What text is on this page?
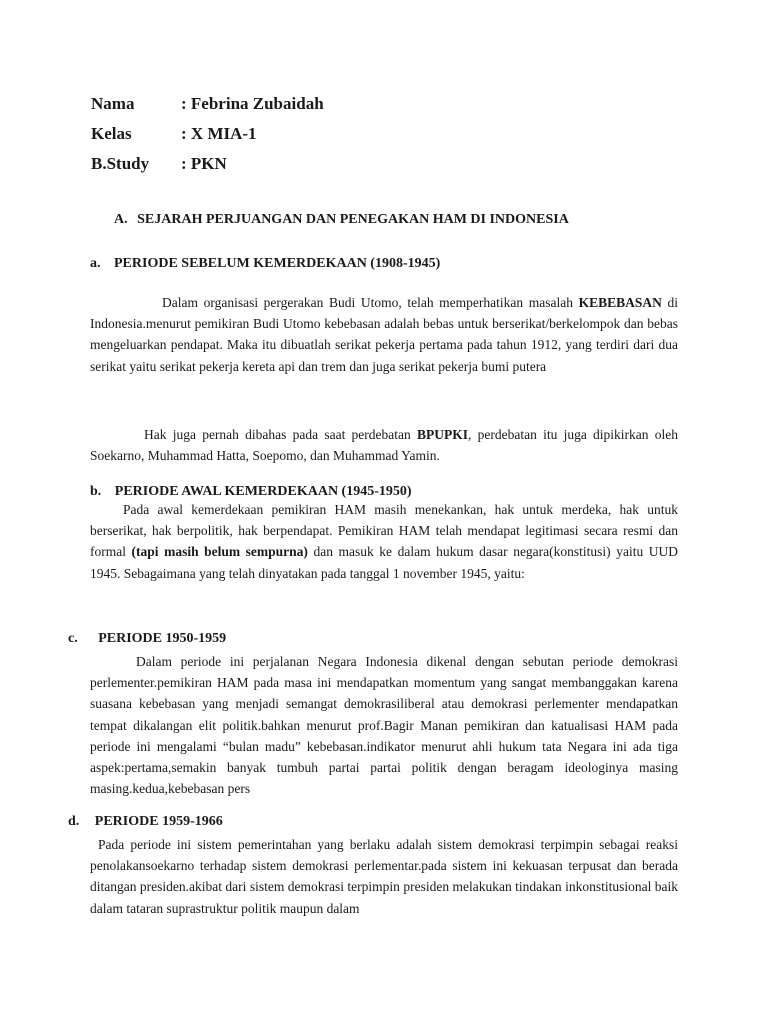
Nama	: Febrina Zubaidah
Kelas	: X MIA-1
B.Study : PKN
A. SEJARAH PERJUANGAN DAN PENEGAKAN HAM DI INDONESIA
a. PERIODE SEBELUM KEMERDEKAAN (1908-1945)

Dalam organisasi pergerakan Budi Utomo, telah memperhatikan masalah KEBEBASAN di Indonesia.menurut pemikiran Budi Utomo kebebasan adalah bebas untuk berserikat/berkelompok dan bebas mengeluarkan pendapat. Maka itu dibuatlah serikat pekerja pertama pada tahun 1912, yang terdiri dari dua serikat yaitu serikat pekerja kereta api dan trem dan juga serikat pekerja bumi putera

Hak juga pernah dibahas pada saat perdebatan BPUPKI, perdebatan itu juga dipikirkan oleh Soekarno, Muhammad Hatta, Soepomo, dan Muhammad Yamin.

b. PERIODE AWAL KEMERDEKAAN (1945-1950)

Pada awal kemerdekaan pemikiran HAM masih menekankan, hak untuk merdeka, hak untuk berserikat, hak berpolitik, hak berpendapat. Pemikiran HAM telah mendapat legitimasi secara resmi dan formal (tapi masih belum sempurna) dan masuk ke dalam hukum dasar negara(konstitusi) yaitu UUD 1945. Sebagaimana yang telah dinyatakan pada tanggal 1 november 1945, yaitu:

c. PERIODE 1950-1959

Dalam periode ini perjalanan Negara Indonesia dikenal dengan sebutan periode demokrasi perlementer.pemikiran HAM pada masa ini mendapatkan momentum yang sangat membanggakan karena suasana kebebasan yang menjadi semangat demokrasiliberal atau demokrasi perlementer mendapatkan tempat dikalangan elit politik.bahkan menurut prof.Bagir Manan pemikiran dan katualisasi HAM pada periode ini mengalami “bulan madu” kebebasan.indikator menurut ahli hukum tata Negara ini ada tiga aspek:pertama,semakin banyak tumbuh partai partai politik dengan beragam ideologinya masing masing.kedua,kebebasan pers

d. PERIODE 1959-1966

Pada periode ini sistem pemerintahan yang berlaku adalah sistem demokrasi terpimpin sebagai reaksi penolakansoekarno terhadap sistem demokrasi perlementar.pada sistem ini kekuasan terpusat dan berada ditangan presiden.akibat dari sistem demokrasi terpimpin presiden melakukan tindakan inkonstitusional baik dalam tataran suprastruktur politik maupun dalam
